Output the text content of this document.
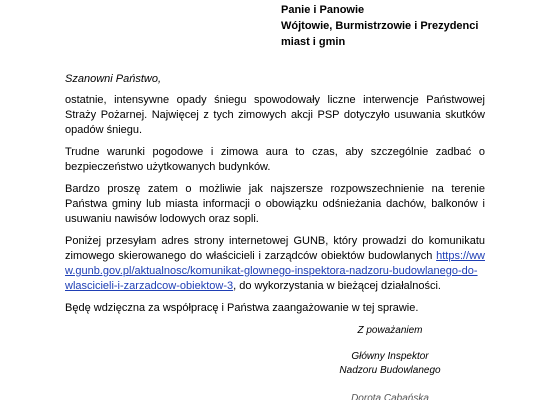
Panie i Panowie
Wójtowie, Burmistrzowie i Prezydenci
miast i gmin

Szanowni Państwo,

ostatnie, intensywne opady śniegu spowodowały liczne interwencje Państwowej Straży Pożarnej. Najwięcej z tych zimowych akcji PSP dotyczyło usuwania skutków opadów śniegu.

Trudne warunki pogodowe i zimowa aura to czas, aby szczególnie zadbać o bezpieczeństwo użytkowanych budynków.

Bardzo proszę zatem o możliwie jak najszersze rozpowszechnienie na terenie Państwa gminy lub miasta informacji o obowiązku odśnieżania dachów, balkonów i usuwaniu nawisów lodowych oraz sopli.

Poniżej przesyłam adres strony internetowej GUNB, który prowadzi do komunikatu zimowego skierowanego do właścicieli i zarządców obiektów budowlanych https://www.gunb.gov.pl/aktualnosc/komunikat-glownego-inspektora-nadzoru-budowlanego-do-wlascicieli-i-zarzadcow-obiektow-3, do wykorzystania w bieżącej działalności.

Będę wdzięczna za współpracę i Państwa zaangażowanie w tej sprawie.

Z poważaniem
Główny Inspektor
Nadzoru Budowlanego
Dorota Cabańska
